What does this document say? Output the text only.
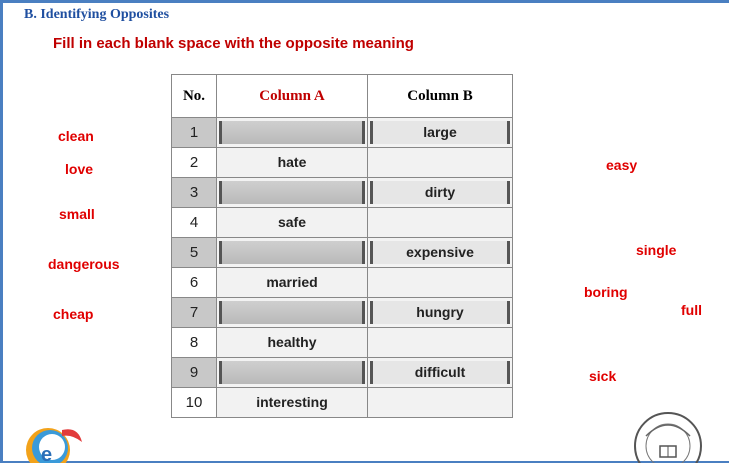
B. Identifying Opposites
Fill in each blank space with the opposite meaning
No.	Column A	Column B
1		large

2	hate	

3		dirty

4	safe	

5		expensive

6	married	

7		hungry

8	healthy	

9		difficult

10	interesting	

clean
love
small
dangerous
cheap
easy
single
boring
full
sick
e
